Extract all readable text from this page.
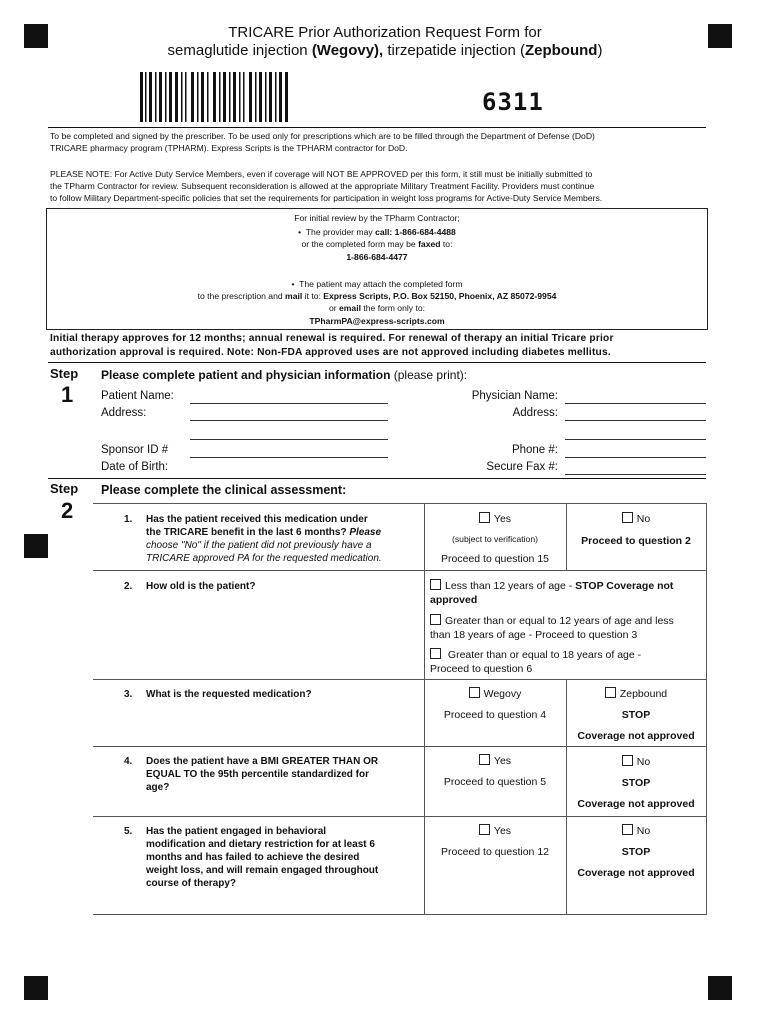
TRICARE Prior Authorization Request Form for
semaglutide injection (Wegovy), tirzepatide injection (Zepbound)
6311
To be completed and signed by the prescriber. To be used only for prescriptions which are to be filled through the Department of Defense (DoD)
TRICARE pharmacy program (TPHARM). Express Scripts is the TPHARM contractor for DoD.
PLEASE NOTE: For Active Duty Service Members, even if coverage will NOT BE APPROVED per this form, it still must be initially submitted to
the TPharm Contractor for review. Subsequent reconsideration is allowed at the appropriate Military Treatment Facility. Providers must continue
to follow Military Department-specific policies that set the requirements for participation in weight loss programs for Active-Duty Service Members.
For initial review by the TPharm Contractor;
•  The provider may call: 1-866-684-4488
or the completed form may be faxed to:
1-866-684-4477
•  The patient may attach the completed form
to the prescription and mail it to: Express Scripts, P.O. Box 52150, Phoenix, AZ 85072-9954
or email the form only to:
TPharmPA@express-scripts.com
Initial therapy approves for 12 months; annual renewal is required. For renewal of therapy an initial Tricare prior
authorization approval is required. Note: Non-FDA approved uses are not approved including diabetes mellitus.
Step
1
Please complete patient and physician information (please print):
Patient Name:
Address:
Sponsor ID #
Date of Birth:
Physician Name:
Address:
Phone #:
Secure Fax #:
Step
2
Please complete the clinical assessment:
1. Has the patient received this medication under
the TRICARE benefit in the last 6 months? Please
choose "No" if the patient did not previously have a
TRICARE approved PA for the requested medication.
Yes
(subject to verification)
Proceed to question 15
No
Proceed to question 2
2. How old is the patient?	Less than 12 years of age - STOP Coverage not
approved
Greater than or equal to 12 years of age and less
than 18 years of age - Proceed to question 3
Greater than or equal to 18 years of age -
Proceed to question 6
3. What is the requested medication?	Wegovy
Proceed to question 4
Zepbound
STOP
Coverage not approved
4. Does the patient have a BMI GREATER THAN OR
EQUAL TO the 95th percentile standardized for
age?
Yes
Proceed to question 5
No
STOP
Coverage not approved
5. Has the patient engaged in behavioral
modification and dietary restriction for at least 6
months and has failed to achieve the desired
weight loss, and will remain engaged throughout
course of therapy?
Yes
Proceed to question 12
No
STOP
Coverage not approved
